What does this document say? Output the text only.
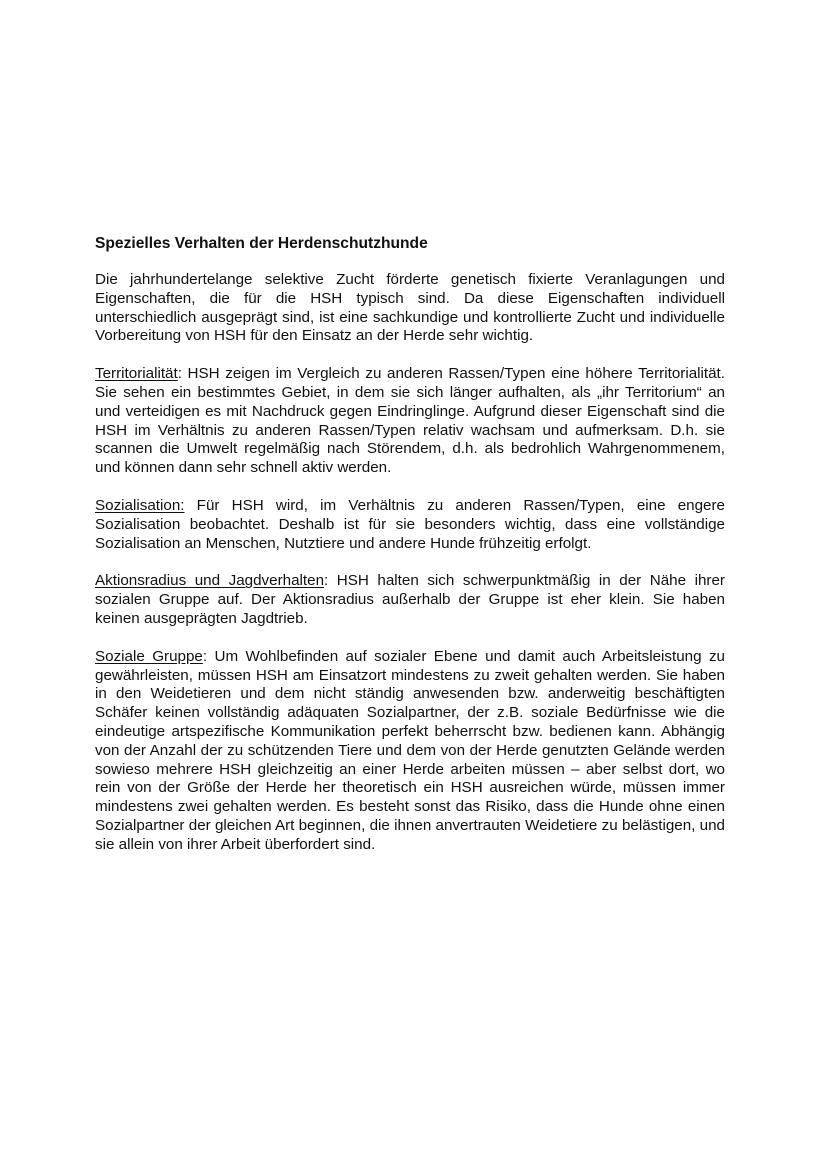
Spezielles Verhalten der Herdenschutzhunde

Die jahrhundertelange selektive Zucht förderte genetisch fixierte Veranlagungen und Eigenschaften, die für die HSH typisch sind. Da diese Eigenschaften individuell unterschiedlich ausgeprägt sind, ist eine sachkundige und kontrollierte Zucht und individuelle Vorbereitung von HSH für den Einsatz an der Herde sehr wichtig.

Territorialität: HSH zeigen im Vergleich zu anderen Rassen/Typen eine höhere Territorialität. Sie sehen ein bestimmtes Gebiet, in dem sie sich länger aufhalten, als „ihr Territorium“ an und verteidigen es mit Nachdruck gegen Eindringlinge. Aufgrund dieser Eigenschaft sind die HSH im Verhältnis zu anderen Rassen/Typen relativ wachsam und aufmerksam. D.h. sie scannen die Umwelt regelmäßig nach Störendem, d.h. als bedrohlich Wahrgenommenem, und können dann sehr schnell aktiv werden.

Sozialisation: Für HSH wird, im Verhältnis zu anderen Rassen/Typen, eine engere Sozialisation beobachtet. Deshalb ist für sie besonders wichtig, dass eine vollständige Sozialisation an Menschen, Nutztiere und andere Hunde frühzeitig erfolgt.

Aktionsradius und Jagdverhalten: HSH halten sich schwerpunktmäßig in der Nähe ihrer sozialen Gruppe auf. Der Aktionsradius außerhalb der Gruppe ist eher klein. Sie haben keinen ausgeprägten Jagdtrieb.

Soziale Gruppe: Um Wohlbefinden auf sozialer Ebene und damit auch Arbeitsleistung zu gewährleisten, müssen HSH am Einsatzort mindestens zu zweit gehalten werden. Sie haben in den Weidetieren und dem nicht ständig anwesenden bzw. anderweitig beschäftigten Schäfer keinen vollständig adäquaten Sozialpartner, der z.B. soziale Bedürfnisse wie die eindeutige artspezifische Kommunikation perfekt beherrscht bzw. bedienen kann. Abhängig von der Anzahl der zu schützenden Tiere und dem von der Herde genutzten Gelände werden sowieso mehrere HSH gleichzeitig an einer Herde arbeiten müssen – aber selbst dort, wo rein von der Größe der Herde her theoretisch ein HSH ausreichen würde, müssen immer mindestens zwei gehalten werden. Es besteht sonst das Risiko, dass die Hunde ohne einen Sozialpartner der gleichen Art beginnen, die ihnen anvertrauten Weidetiere zu belästigen, und sie allein von ihrer Arbeit überfordert sind.
